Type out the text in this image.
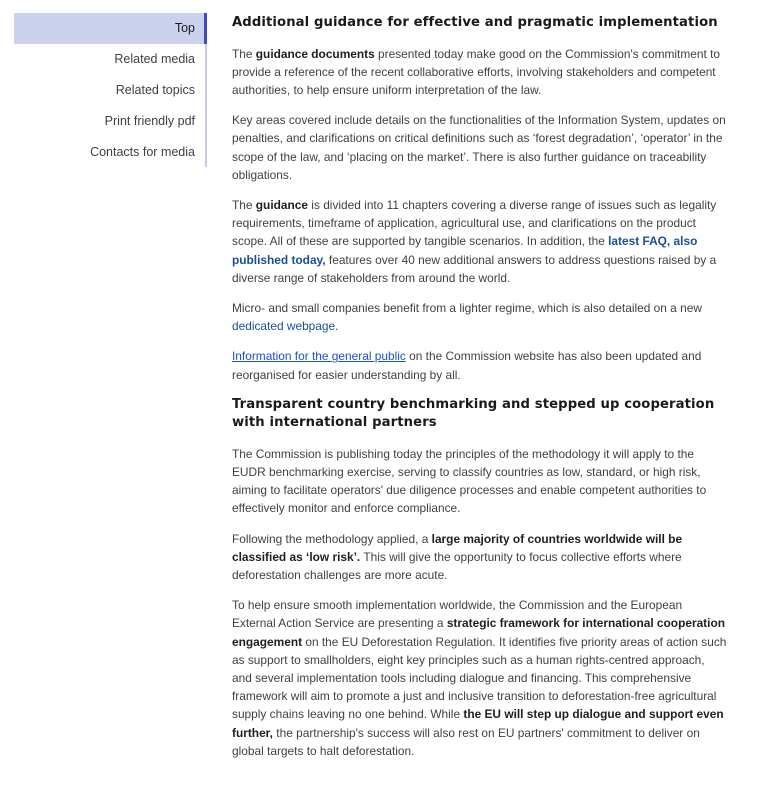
Top
Related media
Related topics
Print friendly pdf
Contacts for media
Additional guidance for effective and pragmatic implementation

The guidance documents presented today make good on the Commission's commitment to provide a reference of the recent collaborative efforts, involving stakeholders and competent authorities, to help ensure uniform interpretation of the law.

Key areas covered include details on the functionalities of the Information System, updates on penalties, and clarifications on critical definitions such as ‘forest degradation’, ‘operator’ in the scope of the law, and ‘placing on the market’. There is also further guidance on traceability obligations.

The guidance is divided into 11 chapters covering a diverse range of issues such as legality requirements, timeframe of application, agricultural use, and clarifications on the product scope. All of these are supported by tangible scenarios. In addition, the latest FAQ, also published today, features over 40 new additional answers to address questions raised by a diverse range of stakeholders from around the world.

Micro- and small companies benefit from a lighter regime, which is also detailed on a new dedicated webpage.

Information for the general public on the Commission website has also been updated and reorganised for easier understanding by all.

Transparent country benchmarking and stepped up cooperation with international partners

The Commission is publishing today the principles of the methodology it will apply to the EUDR benchmarking exercise, serving to classify countries as low, standard, or high risk, aiming to facilitate operators' due diligence processes and enable competent authorities to effectively monitor and enforce compliance.

Following the methodology applied, a large majority of countries worldwide will be classified as ‘low risk’. This will give the opportunity to focus collective efforts where deforestation challenges are more acute.

To help ensure smooth implementation worldwide, the Commission and the European External Action Service are presenting a strategic framework for international cooperation engagement on the EU Deforestation Regulation. It identifies five priority areas of action such as support to smallholders, eight key principles such as a human rights-centred approach, and several implementation tools including dialogue and financing. This comprehensive framework will aim to promote a just and inclusive transition to deforestation-free agricultural supply chains leaving no one behind. While the EU will step up dialogue and support even further, the partnership's success will also rest on EU partners' commitment to deliver on global targets to halt deforestation.
